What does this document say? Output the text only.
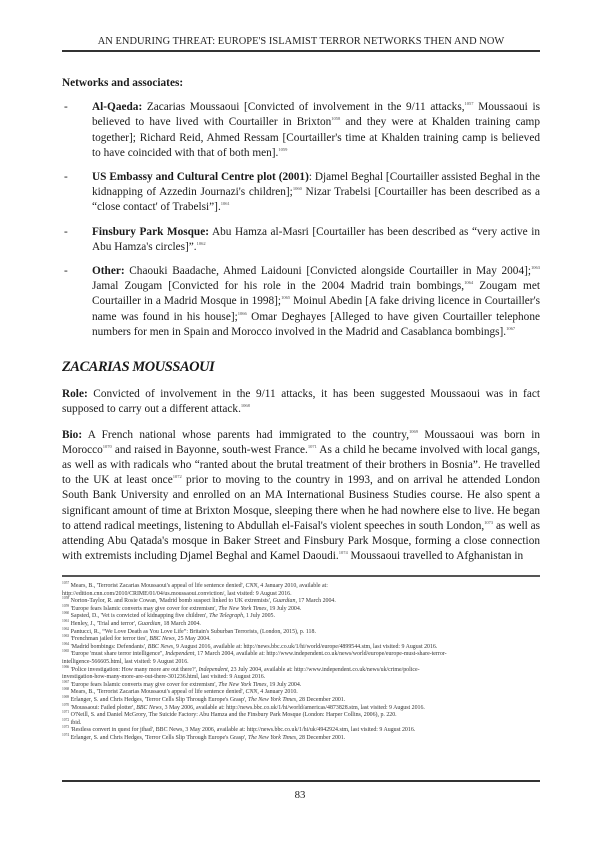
AN ENDURING THREAT: EUROPE'S ISLAMIST TERROR NETWORKS THEN AND NOW

Networks and associates:

- Al-Qaeda: Zacarias Moussaoui [Convicted of involvement in the 9/11 attacks,$^{1057}$ Moussaoui is believed to have lived with Courtailler in Brixton$^{1058}$ and they were at Khalden training camp together]; Richard Reid, Ahmed Ressam [Courtailler's time at Khalden training camp is believed to have coincided with that of both men].$^{1059}$
- US Embassy and Cultural Centre plot (2001): Djamel Beghal [Courtailler assisted Beghal in the kidnapping of Azzedin Journazi's children];$^{1060}$ Nizar Trabelsi [Courtailler has been described as a “close contact' of Trabelsi”].$^{1061}$
- Finsbury Park Mosque: Abu Hamza al-Masri [Courtailler has been described as “very active in Abu Hamza's circles]”.$^{1062}$
- Other: Chaouki Baadache, Ahmed Laidouni [Convicted alongside Courtailler in May 2004];$^{1063}$ Jamal Zougam [Convicted for his role in the 2004 Madrid train bombings,$^{1064}$ Zougam met Courtailler in a Madrid Mosque in 1998];$^{1065}$ Moinul Abedin [A fake driving licence in Courtailler's name was found in his house];$^{1066}$ Omar Deghayes [Alleged to have given Courtailler telephone numbers for men in Spain and Morocco involved in the Madrid and Casablanca bombings].$^{1067}$

ZACARIAS MOUSSAOUI

Role: Convicted of involvement in the 9/11 attacks, it has been suggested Moussaoui was in fact supposed to carry out a different attack.$^{1068}$

Bio: A French national whose parents had immigrated to the country,$^{1069}$ Moussaoui was born in Morocco$^{1070}$ and raised in Bayonne, south-west France.$^{1071}$ As a child he became involved with local gangs, as well as with radicals who “ranted about the brutal treatment of their brothers in Bosnia”. He travelled to the UK at least once$^{1072}$ prior to moving to the country in 1993, and on arrival he attended London South Bank University and enrolled on an MA International Business Studies course. He also spent a significant amount of time at Brixton Mosque, sleeping there when he had nowhere else to live. He began to attend radical meetings, listening to Abdullah el-Faisal's violent speeches in south London,$^{1073}$ as well as attending Abu Qatada's mosque in Baker Street and Finsbury Park Mosque, forming a close connection with extremists including Djamel Beghal and Kamel Daoudi.$^{1074}$ Moussaoui travelled to Afghanistan in

$^{1057}$ Mears, B., 'Terrorist Zacarias Moussaoui's appeal of life sentence denied', CNN, 4 January 2010, available at:

http://edition.cnn.com/2010/CRIME/01/04/us.moussaoui.conviction/, last visited: 9 August 2016.

$^{1058}$ Norton-Taylor, R. and Rosie Cowan, 'Madrid bomb suspect linked to UK extremists', Guardian, 17 March 2004.

$^{1059}$ 'Europe fears Islamic converts may give cover for extremism', The New York Times, 19 July 2004.

$^{1060}$ Sapsted, D., 'Vet is convicted of kidnapping five children', The Telegraph, 1 July 2005.

$^{1061}$ Henley, J., 'Trial and terror', Guardian, 18 March 2004.

$^{1062}$ Pantucci, R., “We Love Death as You Love Life”: Britain's Suburban Terrorists, (London, 2015), p. 118.

$^{1063}$ 'Frenchman jailed for terror ties', BBC News, 25 May 2004.

$^{1064}$ 'Madrid bombings: Defendants', BBC News, 9 August 2016, available at: http://news.bbc.co.uk/1/hi/world/europe/4899544.stm, last visited: 9 August 2016.

$^{1065}$ 'Europe 'must share terror intelligence'', Independent, 17 March 2004, available at: http://www.independent.co.uk/news/world/europe/europe-must-share-terror-

intelligence-566605.html, last visited: 9 August 2016.

$^{1066}$ 'Police investigation: How many more are out there?', Independent, 23 July 2004, available at: http://www.independent.co.uk/news/uk/crime/police-

investigation-how-many-more-are-out-there-301236.html, last visited: 9 August 2016.

$^{1067}$ 'Europe fears Islamic converts may give cover for extremism', The New York Times, 19 July 2004.

$^{1068}$ Mears, B., 'Terrorist Zacarias Moussaoui's appeal of life sentence denied', CNN, 4 January 2010.

$^{1069}$ Erlanger, S. and Chris Hedges, 'Terror Cells Slip Through Europe's Grasp', The New York Times, 28 December 2001.

$^{1070}$ 'Moussaoui: Failed plotter', BBC News, 3 May 2006, available at: http://news.bbc.co.uk/1/hi/world/americas/4873828.stm, last visited: 9 August 2016.

$^{1071}$ O'Neill, S. and Daniel McGrory, The Suicide Factory: Abu Hamza and the Finsbury Park Mosque (London: Harper Collins, 2006), p. 220.

$^{1072}$ ibid.

$^{1073}$ 'Restless convert in quest for jihad', BBC News, 3 May 2006, available at: http://news.bbc.co.uk/1/hi/uk/4942924.stm, last visited: 9 August 2016.

$^{1074}$ Erlanger, S. and Chris Hedges, 'Terror Cells Slip Through Europe's Grasp', The New York Times, 28 December 2001.

83
